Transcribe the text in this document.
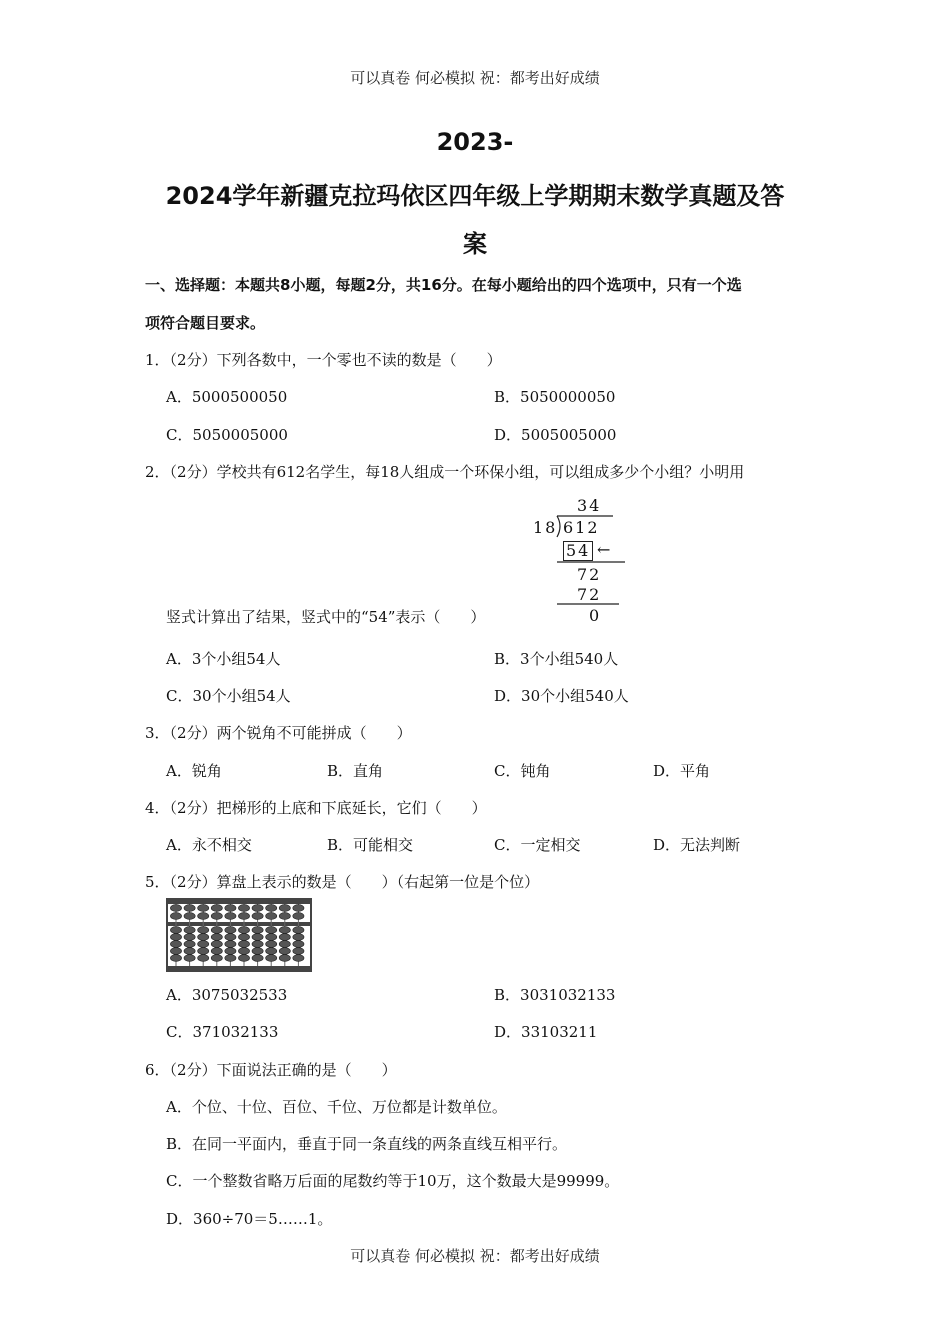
可以真卷 何必模拟 祝：都考出好成绩
2023-
2024学年新疆克拉玛依区四年级上学期期末数学真题及答
案
一、选择题：本题共8小题，每题2分，共16分。在每小题给出的四个选项中，只有一个选
项符合题目要求。
1．（2分）下列各数中，一个零也不读的数是（　　）
A．5000500050	B．5050000050
C．5050005000	D．5005005000
2．（2分）学校共有612名学生，每18人组成一个环保小组，可以组成多少个小组？小明用
34
18 612
54 ←
72
72
0
竖式计算出了结果，竖式中的“54”表示（　　）
A．3个小组54人	B．3个小组540人
C．30个小组54人	D．30个小组540人
3．（2分）两个锐角不可能拼成（　　）
A．锐角	B．直角	C．钝角	D．平角
4．（2分）把梯形的上底和下底延长，它们（　　）
A．永不相交	B．可能相交	C．一定相交	D．无法判断
5．（2分）算盘上表示的数是（　　）（右起第一位是个位）
A．3075032533	B．3031032133
C．371032133	D．33103211
6．（2分）下面说法正确的是（　　）
A．个位、十位、百位、千位、万位都是计数单位。
B．在同一平面内，垂直于同一条直线的两条直线互相平行。
C．一个整数省略万后面的尾数约等于10万，这个数最大是99999。
D．360÷70＝5……1。
可以真卷 何必模拟 祝：都考出好成绩
